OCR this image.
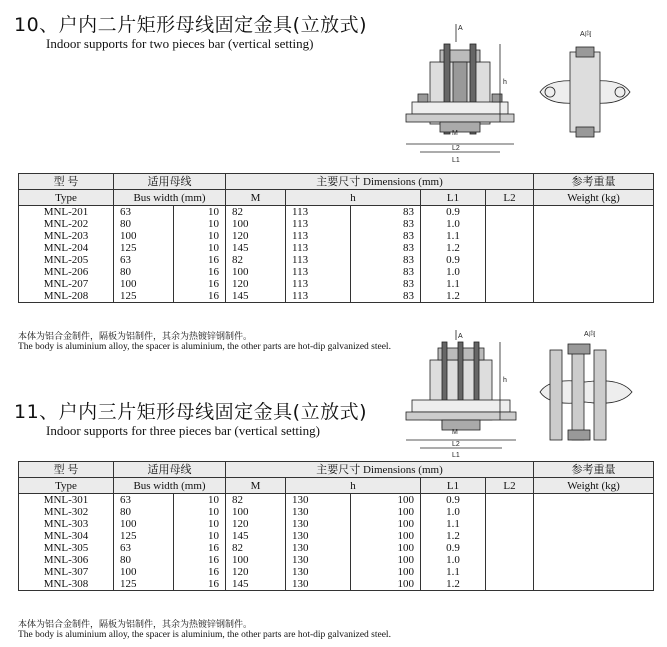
10、户内二片矩形母线固定金具(立放式)
Indoor supports for two pieces bar (vertical setting)
A
A向
h
M
L2
L1
型 号	适用母线		主要尺寸 Dimensions (mm)					参考重量
Type	Bus width (mm)		M	h		L1	L2	Weight (kg)
MNL-201	63	10	82	113	83	0.9		
MNL-202	80	10	100	113	83	1.0		
MNL-203	100	10	120	113	83	1.1		
MNL-204	125	10	145	113	83	1.2		
MNL-205	63	16	82	113	83	0.9		
MNL-206	80	16	100	113	83	1.0		
MNL-207	100	16	120	113	83	1.1		
MNL-208	125	16	145	113	83	1.2		
本体为铝合金制件，隔板为铝制件，其余为热镀锌钢制件。
The body is aluminium alloy, the spacer is aluminium, the other parts are hot-dip galvanized steel.
A	A向
h
M
L2
L1
11、户内三片矩形母线固定金具(立放式)
Indoor supports for three pieces bar (vertical setting)
型 号	适用母线		主要尺寸 Dimensions (mm)					参考重量
Type	Bus width (mm)		M	h		L1	L2	Weight (kg)
MNL-301	63	10	82	130	100	0.9		
MNL-302	80	10	100	130	100	1.0		
MNL-303	100	10	120	130	100	1.1		
MNL-304	125	10	145	130	100	1.2		
MNL-305	63	16	82	130	100	0.9		
MNL-306	80	16	100	130	100	1.0		
MNL-307	100	16	120	130	100	1.1		
MNL-308	125	16	145	130	100	1.2		
本体为铝合金制件，隔板为铝制件，其余为热镀锌钢制件。
The body is aluminium alloy, the spacer is aluminium, the other parts are hot-dip galvanized steel.
